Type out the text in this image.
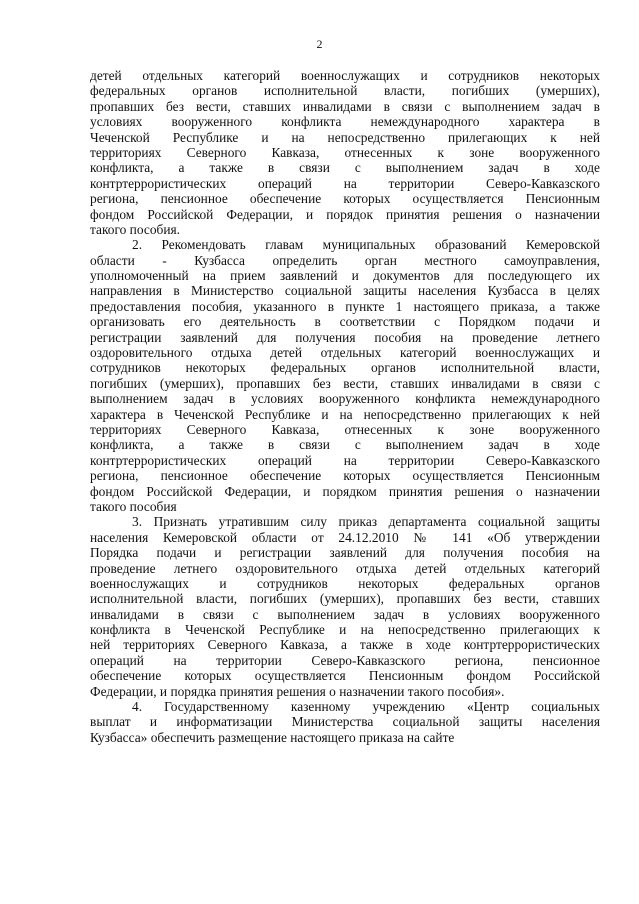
2
детей отдельных категорий военнослужащих и сотрудников некоторых
федеральных органов исполнительной власти, погибших (умерших),
пропавших без вести, ставших инвалидами в связи с выполнением задач в
условиях вооруженного конфликта немеждународного характера в
Чеченской Республике и на непосредственно прилегающих к ней
территориях Северного Кавказа, отнесенных к зоне вооруженного
конфликта, а также в связи с выполнением задач в ходе
контртеррористических операций на территории Северо-Кавказского
региона, пенсионное обеспечение которых осуществляется Пенсионным
фондом Российской Федерации, и порядок принятия решения о назначении
такого пособия.
2. Рекомендовать главам муниципальных образований Кемеровской
области - Кузбасса определить орган местного самоуправления,
уполномоченный на прием заявлений и документов для последующего их
направления в Министерство социальной защиты населения Кузбасса в целях
предоставления пособия, указанного в пункте 1 настоящего приказа, а также
организовать его деятельность в соответствии с Порядком подачи и
регистрации заявлений для получения пособия на проведение летнего
оздоровительного отдыха детей отдельных категорий военнослужащих и
сотрудников некоторых федеральных органов исполнительной власти,
погибших (умерших), пропавших без вести, ставших инвалидами в связи с
выполнением задач в условиях вооруженного конфликта немеждународного
характера в Чеченской Республике и на непосредственно прилегающих к ней
территориях Северного Кавказа, отнесенных к зоне вооруженного
конфликта, а также в связи с выполнением задач в ходе
контртеррористических операций на территории Северо-Кавказского
региона, пенсионное обеспечение которых осуществляется Пенсионным
фондом Российской Федерации, и порядком принятия решения о назначении
такого пособия
3. Признать утратившим силу приказ департамента социальной защиты
населения Кемеровской области от 24.12.2010 № 141 «Об утверждении
Порядка подачи и регистрации заявлений для получения пособия на
проведение летнего оздоровительного отдыха детей отдельных категорий
военнослужащих и сотрудников некоторых федеральных органов
исполнительной власти, погибших (умерших), пропавших без вести, ставших
инвалидами в связи с выполнением задач в условиях вооруженного
конфликта в Чеченской Республике и на непосредственно прилегающих к
ней территориях Северного Кавказа, а также в ходе контртеррористических
операций на территории Северо-Кавказского региона, пенсионное
обеспечение которых осуществляется Пенсионным фондом Российской
Федерации, и порядка принятия решения о назначении такого пособия».
4. Государственному казенному учреждению «Центр социальных
выплат и информатизации Министерства социальной защиты населения
Кузбасса» обеспечить размещение настоящего приказа на сайте
